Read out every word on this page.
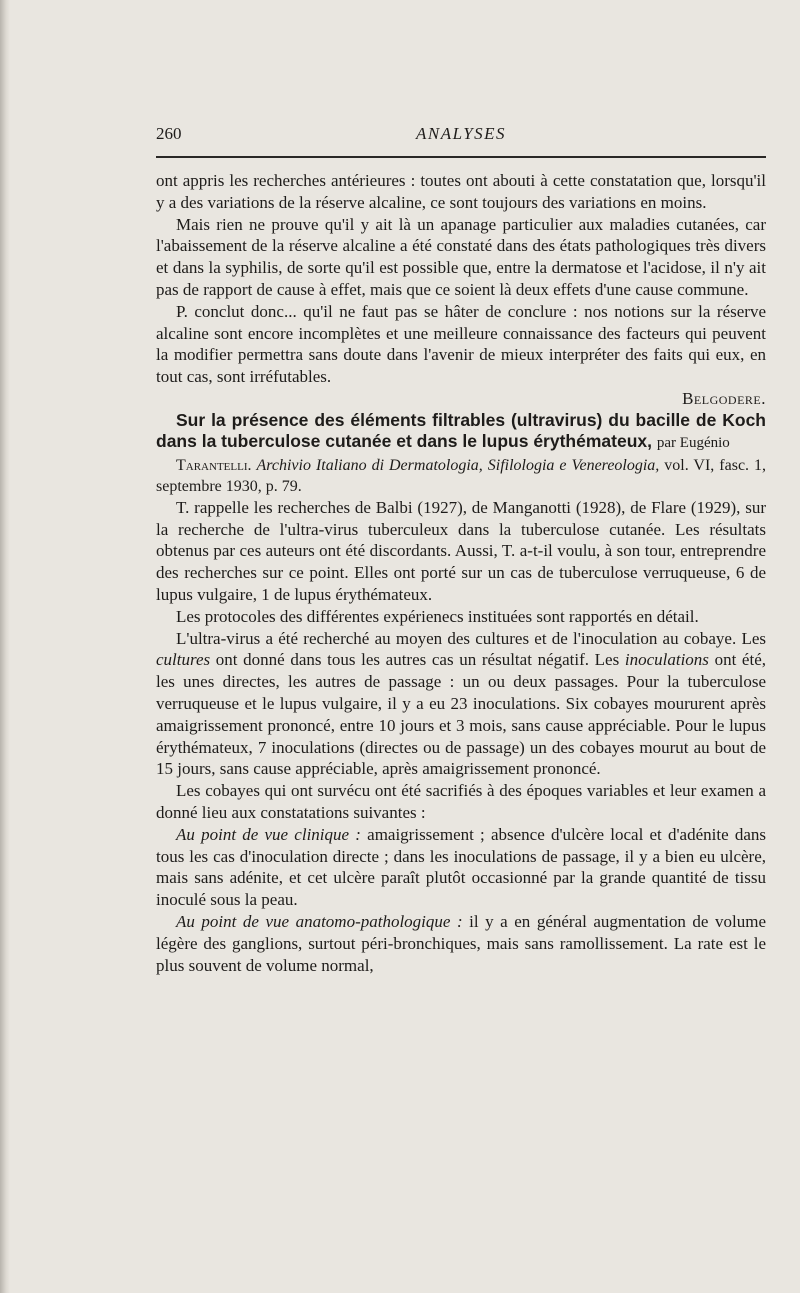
260	ANALYSES

ont appris les recherches antérieures : toutes ont abouti à cette constatation que, lorsqu'il y a des variations de la réserve alcaline, ce sont toujours des variations en moins.

Mais rien ne prouve qu'il y ait là un apanage particulier aux maladies cutanées, car l'abaissement de la réserve alcaline a été constaté dans des états pathologiques très divers et dans la syphilis, de sorte qu'il est possible que, entre la dermatose et l'acidose, il n'y ait pas de rapport de cause à effet, mais que ce soient là deux effets d'une cause commune.

P. conclut donc... qu'il ne faut pas se hâter de conclure : nos notions sur la réserve alcaline sont encore incomplètes et une meilleure connaissance des facteurs qui peuvent la modifier permettra sans doute dans l'avenir de mieux interpréter des faits qui eux, en tout cas, sont irréfutables.
Belgodere.

Sur la présence des éléments filtrables (ultravirus) du bacille de Koch dans la tuberculose cutanée et dans le lupus érythémateux, par Eugénio

Tarantelli. Archivio Italiano di Dermatologia, Sifilologia e Venereologia, vol. VI, fasc. 1, septembre 1930, p. 79.

T. rappelle les recherches de Balbi (1927), de Manganotti (1928), de Flare (1929), sur la recherche de l'ultra-virus tuberculeux dans la tuberculose cutanée. Les résultats obtenus par ces auteurs ont été discordants. Aussi, T. a-t-il voulu, à son tour, entreprendre des recherches sur ce point. Elles ont porté sur un cas de tuberculose verruqueuse, 6 de lupus vulgaire, 1 de lupus érythémateux.

Les protocoles des différentes expérienecs instituées sont rapportés en détail.

L'ultra-virus a été recherché au moyen des cultures et de l'inoculation au cobaye. Les cultures ont donné dans tous les autres cas un résultat négatif. Les inoculations ont été, les unes directes, les autres de passage : un ou deux passages. Pour la tuberculose verruqueuse et le lupus vulgaire, il y a eu 23 inoculations. Six cobayes moururent après amaigrissement prononcé, entre 10 jours et 3 mois, sans cause appréciable. Pour le lupus érythémateux, 7 inoculations (directes ou de passage) un des cobayes mourut au bout de 15 jours, sans cause appréciable, après amaigrissement prononcé.

Les cobayes qui ont survécu ont été sacrifiés à des époques variables et leur examen a donné lieu aux constatations suivantes :

Au point de vue clinique : amaigrissement ; absence d'ulcère local et d'adénite dans tous les cas d'inoculation directe ; dans les inoculations de passage, il y a bien eu ulcère, mais sans adénite, et cet ulcère paraît plutôt occasionné par la grande quantité de tissu inoculé sous la peau.

Au point de vue anatomo-pathologique : il y a en général augmentation de volume légère des ganglions, surtout péri-bronchiques, mais sans ramollissement. La rate est le plus souvent de volume normal,
